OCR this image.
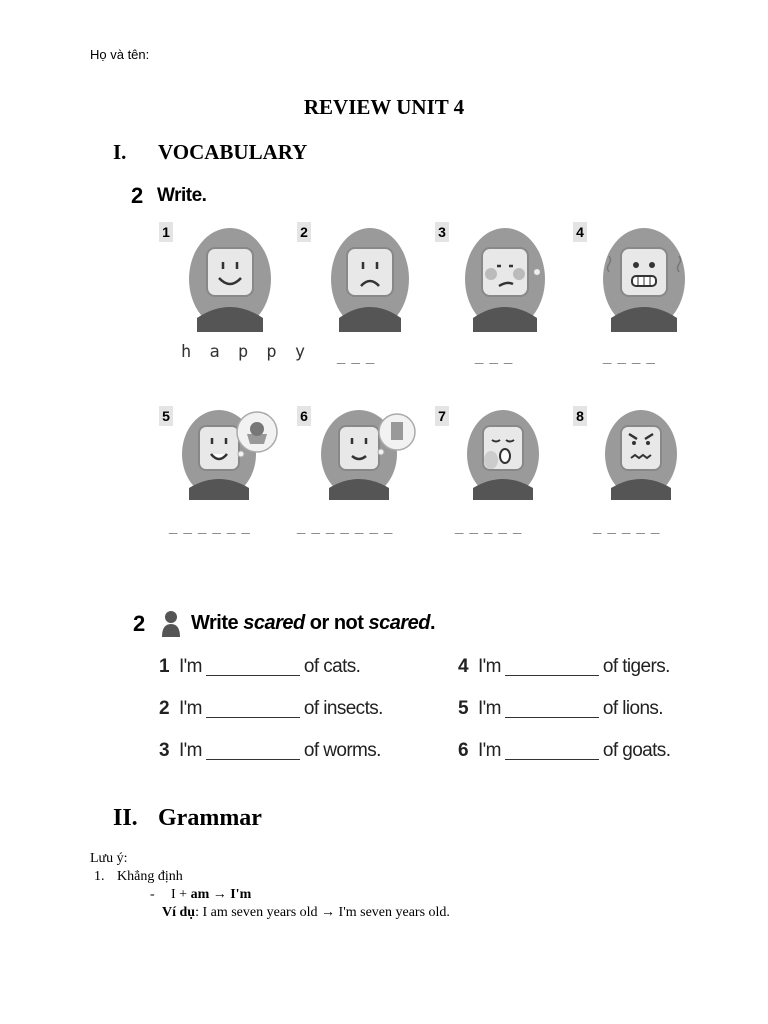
Họ và tên:
REVIEW UNIT 4
I. VOCABULARY
2 Write.
1
h a p p y
2
_ _ _
3
_ _ _
4
_ _ _ _
5
_ _ _ _ _ _
6
_ _ _ _ _ _ _
7
_ _ _ _ _
8
_ _ _ _ _
2 Write scared or not scared.
1 I'm	of cats.
2 I'm	of insects.
3 I'm	of worms.
4 I'm	of tigers.
5 I'm	of lions.
6 I'm	of goats.
II. Grammar
Lưu ý:
1. Khẳng định
- I + am → I'm
Ví dụ: I am seven years old → I'm seven years old.
